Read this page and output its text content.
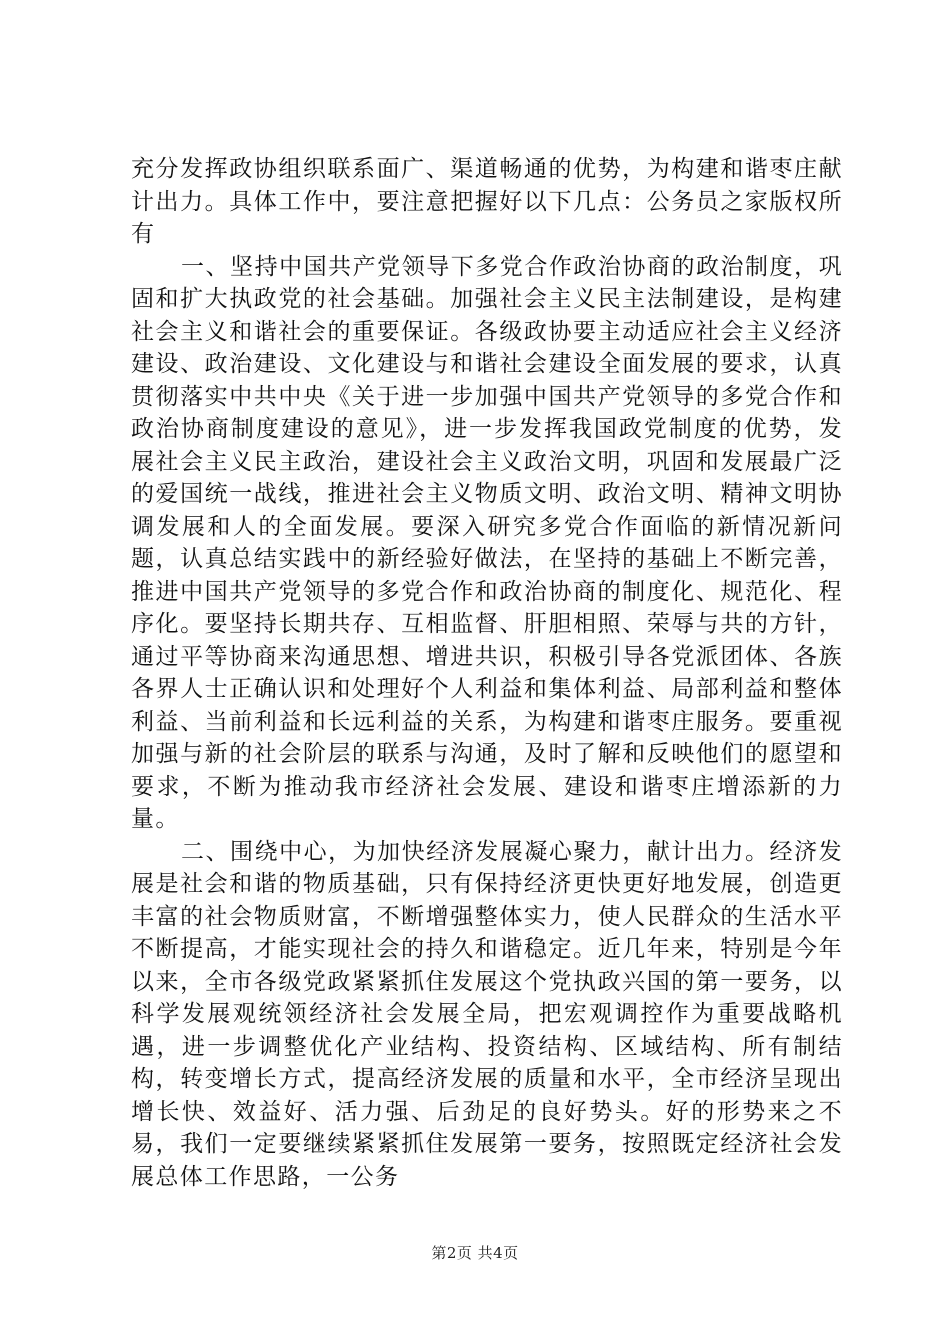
充分发挥政协组织联系面广、渠道畅通的优势，为构建和谐枣庄献计出力。具体工作中，要注意把握好以下几点：公务员之家版权所有

一、坚持中国共产党领导下多党合作政治协商的政治制度，巩固和扩大执政党的社会基础。加强社会主义民主法制建设，是构建社会主义和谐社会的重要保证。各级政协要主动适应社会主义经济建设、政治建设、文化建设与和谐社会建设全面发展的要求，认真贯彻落实中共中央《关于进一步加强中国共产党领导的多党合作和政治协商制度建设的意见》，进一步发挥我国政党制度的优势，发展社会主义民主政治，建设社会主义政治文明，巩固和发展最广泛的爱国统一战线，推进社会主义物质文明、政治文明、精神文明协调发展和人的全面发展。要深入研究多党合作面临的新情况新问题，认真总结实践中的新经验好做法，在坚持的基础上不断完善，推进中国共产党领导的多党合作和政治协商的制度化、规范化、程序化。要坚持长期共存、互相监督、肝胆相照、荣辱与共的方针，通过平等协商来沟通思想、增进共识，积极引导各党派团体、各族各界人士正确认识和处理好个人利益和集体利益、局部利益和整体利益、当前利益和长远利益的关系，为构建和谐枣庄服务。要重视加强与新的社会阶层的联系与沟通，及时了解和反映他们的愿望和要求，不断为推动我市经济社会发展、建设和谐枣庄增添新的力量。

二、围绕中心，为加快经济发展凝心聚力，献计出力。经济发展是社会和谐的物质基础，只有保持经济更快更好地发展，创造更丰富的社会物质财富，不断增强整体实力，使人民群众的生活水平不断提高，才能实现社会的持久和谐稳定。近几年来，特别是今年以来，全市各级党政紧紧抓住发展这个党执政兴国的第一要务，以科学发展观统领经济社会发展全局，把宏观调控作为重要战略机遇，进一步调整优化产业结构、投资结构、区域结构、所有制结构，转变增长方式，提高经济发展的质量和水平，全市经济呈现出增长快、效益好、活力强、后劲足的良好势头。好的形势来之不易，我们一定要继续紧紧抓住发展第一要务，按照既定经济社会发展总体工作思路，一公务

第2页 共4页
